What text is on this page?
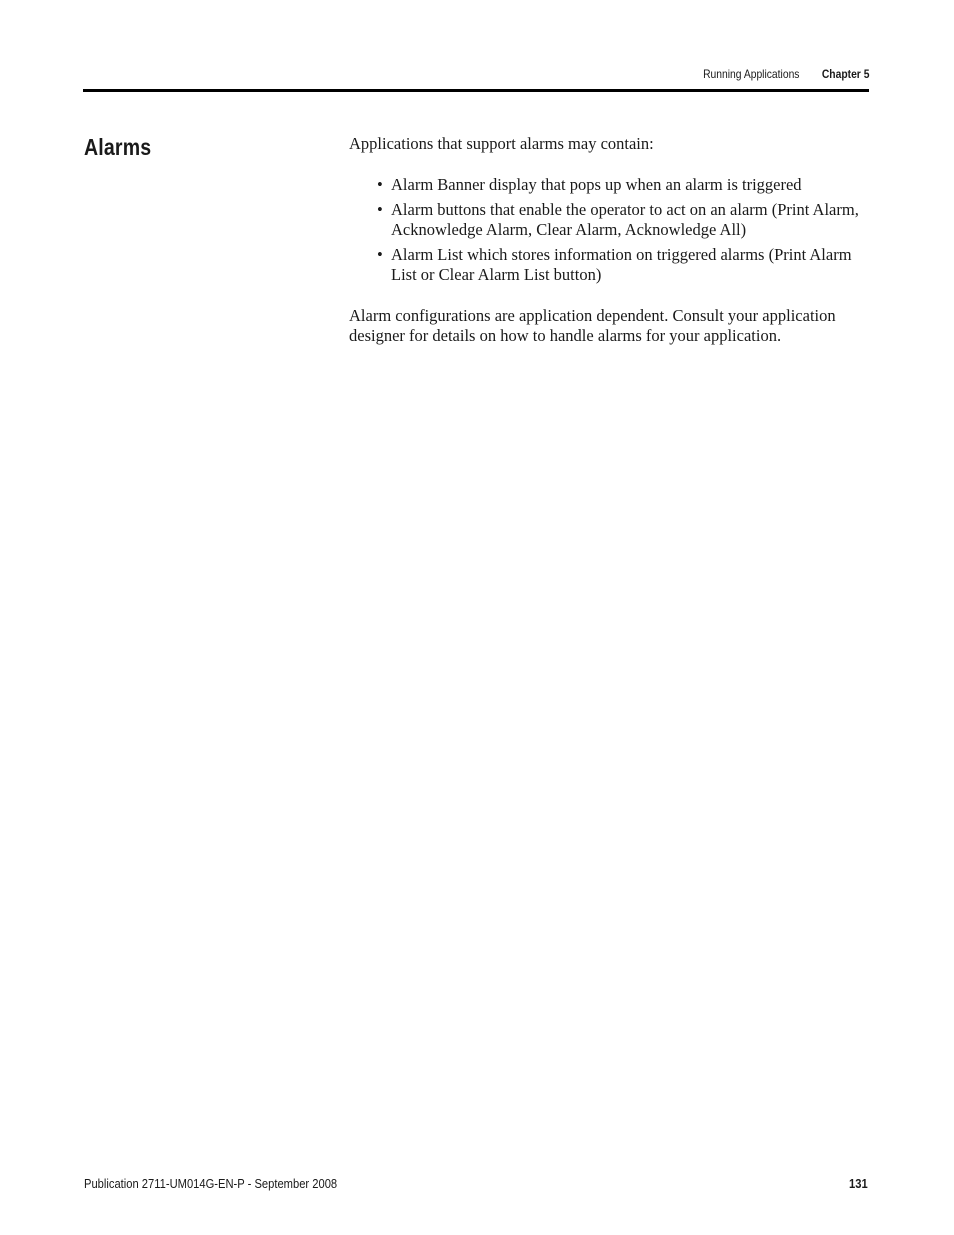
Running Applications Chapter 5
Alarms	Applications that support alarms may contain:

• Alarm Banner display that pops up when an alarm is triggered
• Alarm buttons that enable the operator to act on an alarm (Print Alarm, Acknowledge Alarm, Clear Alarm, Acknowledge All)
• Alarm List which stores information on triggered alarms (Print Alarm List or Clear Alarm List button)

Alarm configurations are application dependent. Consult your application designer for details on how to handle alarms for your application.

Publication 2711-UM014G-EN-P - September 2008	131
